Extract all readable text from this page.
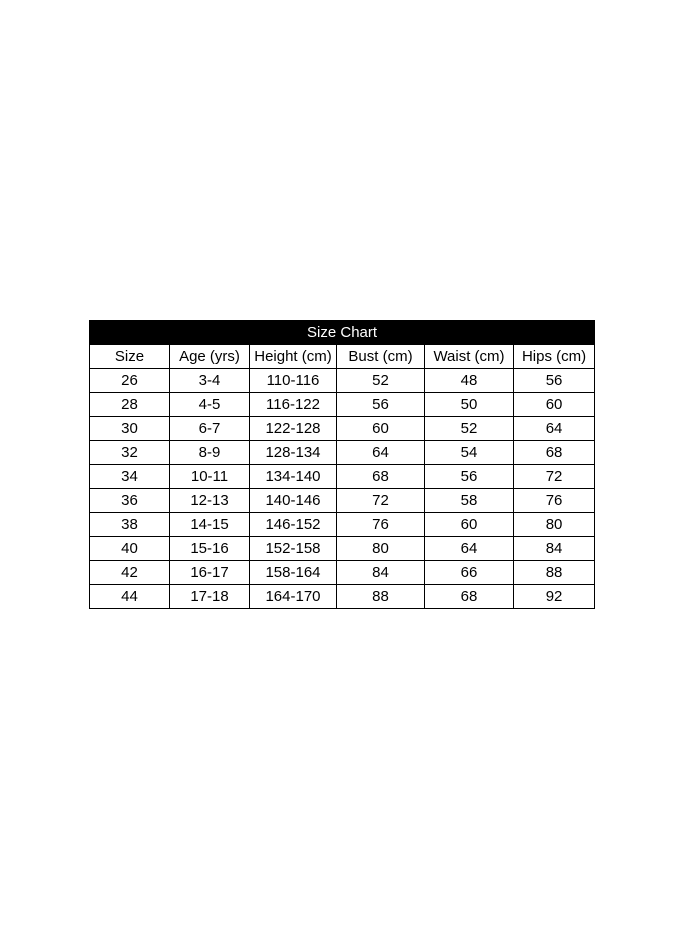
Size Chart					
Size	Age (yrs)	Height (cm)	Bust (cm)	Waist (cm)	Hips (cm)
26	3-4	110-116	52	48	56
28	4-5	116-122	56	50	60
30	6-7	122-128	60	52	64
32	8-9	128-134	64	54	68
34	10-11	134-140	68	56	72
36	12-13	140-146	72	58	76
38	14-15	146-152	76	60	80
40	15-16	152-158	80	64	84
42	16-17	158-164	84	66	88
44	17-18	164-170	88	68	92
